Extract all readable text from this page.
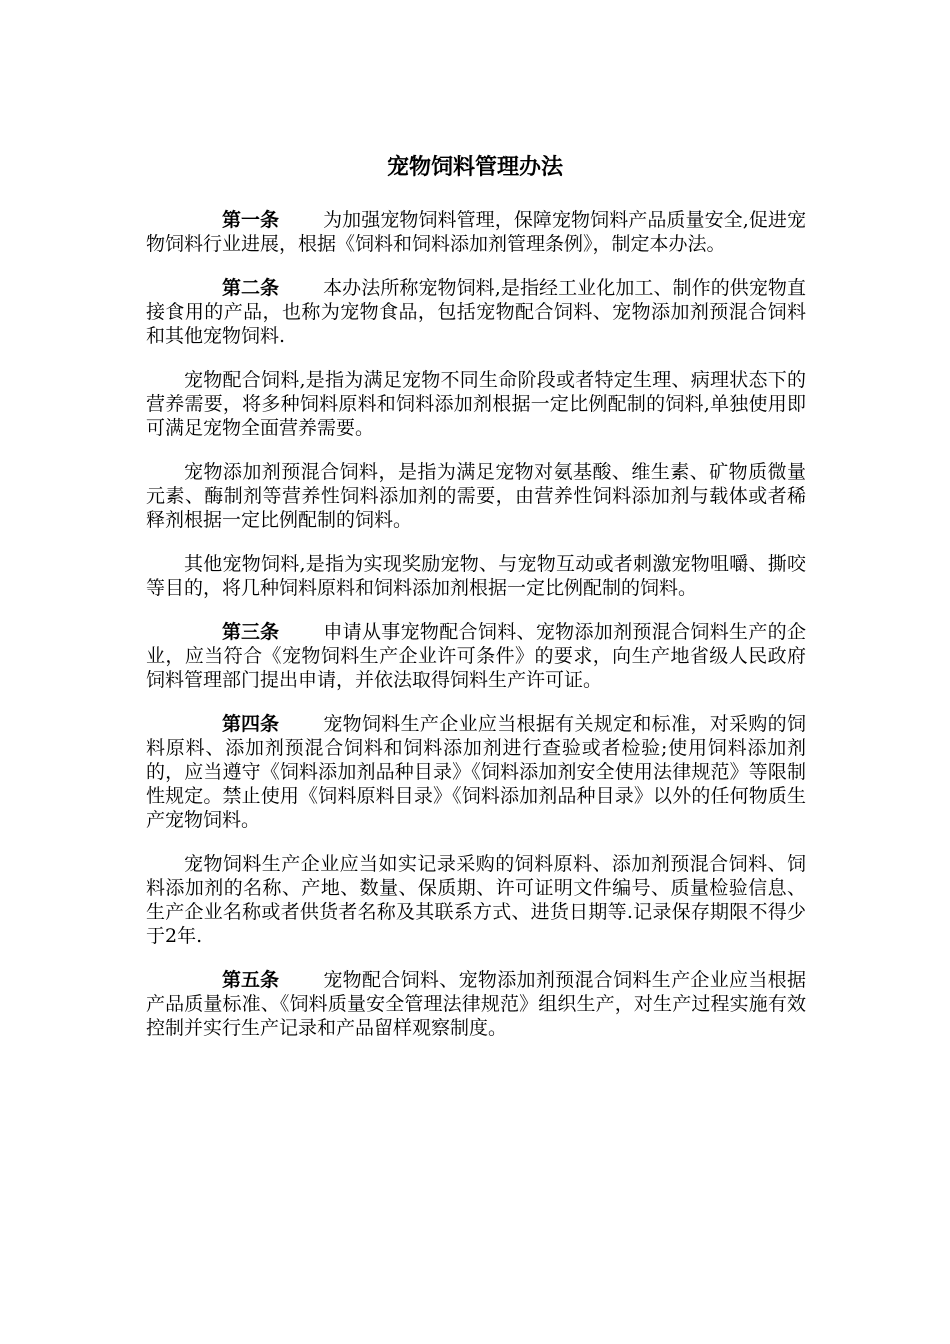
宠物饲料管理办法

第一条 为加强宠物饲料管理，保障宠物饲料产品质量安全,促进宠物饲料行业进展，根据《饲料和饲料添加剂管理条例》，制定本办法。

第二条 本办法所称宠物饲料,是指经工业化加工、制作的供宠物直接食用的产品，也称为宠物食品，包括宠物配合饲料、宠物添加剂预混合饲料和其他宠物饲料.

宠物配合饲料,是指为满足宠物不同生命阶段或者特定生理、病理状态下的营养需要，将多种饲料原料和饲料添加剂根据一定比例配制的饲料,单独使用即可满足宠物全面营养需要。

宠物添加剂预混合饲料，是指为满足宠物对氨基酸、维生素、矿物质微量元素、酶制剂等营养性饲料添加剂的需要，由营养性饲料添加剂与载体或者稀释剂根据一定比例配制的饲料。

其他宠物饲料,是指为实现奖励宠物、与宠物互动或者刺激宠物咀嚼、撕咬等目的，将几种饲料原料和饲料添加剂根据一定比例配制的饲料。

第三条 申请从事宠物配合饲料、宠物添加剂预混合饲料生产的企业，应当符合《宠物饲料生产企业许可条件》的要求，向生产地省级人民政府饲料管理部门提出申请，并依法取得饲料生产许可证。

第四条 宠物饲料生产企业应当根据有关规定和标准，对采购的饲料原料、添加剂预混合饲料和饲料添加剂进行查验或者检验;使用饲料添加剂的，应当遵守《饲料添加剂品种目录》《饲料添加剂安全使用法律规范》等限制性规定。禁止使用《饲料原料目录》《饲料添加剂品种目录》以外的任何物质生产宠物饲料。

宠物饲料生产企业应当如实记录采购的饲料原料、添加剂预混合饲料、饲料添加剂的名称、产地、数量、保质期、许可证明文件编号、质量检验信息、生产企业名称或者供货者名称及其联系方式、进货日期等.记录保存期限不得少于2年.

第五条 宠物配合饲料、宠物添加剂预混合饲料生产企业应当根据产品质量标准、《饲料质量安全管理法律规范》组织生产，对生产过程实施有效控制并实行生产记录和产品留样观察制度。
